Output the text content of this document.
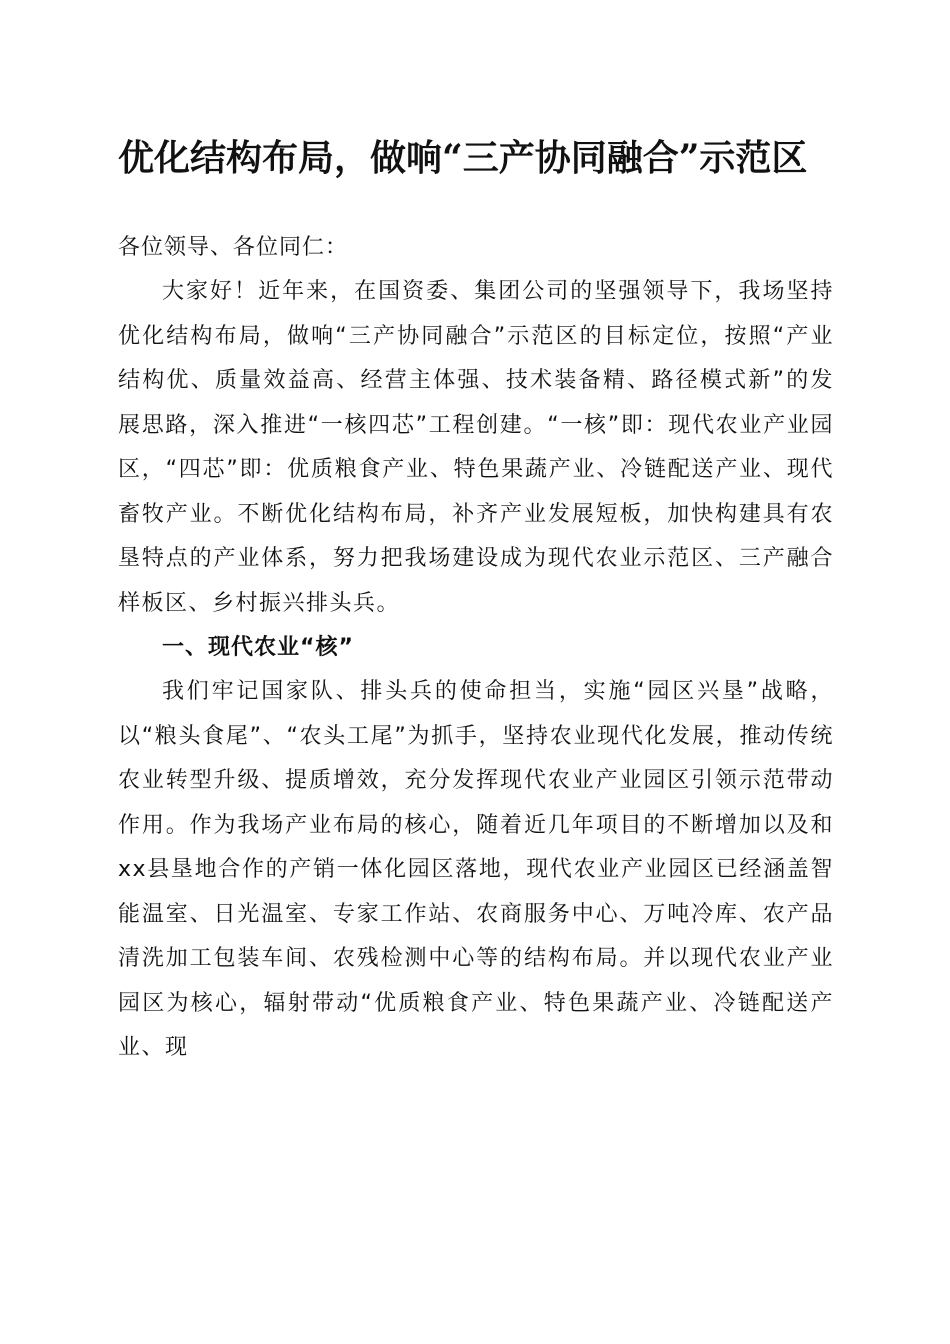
优化结构布局，做响“三产协同融合”示范区

各位领导、各位同仁：

大家好！近年来，在国资委、集团公司的坚强领导下，我场坚持优化结构布局，做响“三产协同融合”示范区的目标定位，按照“产业结构优、质量效益高、经营主体强、技术装备精、路径模式新”的发展思路，深入推进“一核四芯”工程创建。“一核”即：现代农业产业园区，“四芯”即：优质粮食产业、特色果蔬产业、冷链配送产业、现代畜牧产业。不断优化结构布局，补齐产业发展短板，加快构建具有农垦特点的产业体系，努力把我场建设成为现代农业示范区、三产融合样板区、乡村振兴排头兵。

一、现代农业“核”

我们牢记国家队、排头兵的使命担当，实施“园区兴垦”战略，以“粮头食尾”、“农头工尾”为抓手，坚持农业现代化发展，推动传统农业转型升级、提质增效，充分发挥现代农业产业园区引领示范带动作用。作为我场产业布局的核心，随着近几年项目的不断增加以及和xx县垦地合作的产销一体化园区落地，现代农业产业园区已经涵盖智能温室、日光温室、专家工作站、农商服务中心、万吨冷库、农产品清洗加工包装车间、农残检测中心等的结构布局。并以现代农业产业园区为核心，辐射带动“优质粮食产业、特色果蔬产业、冷链配送产业、现
